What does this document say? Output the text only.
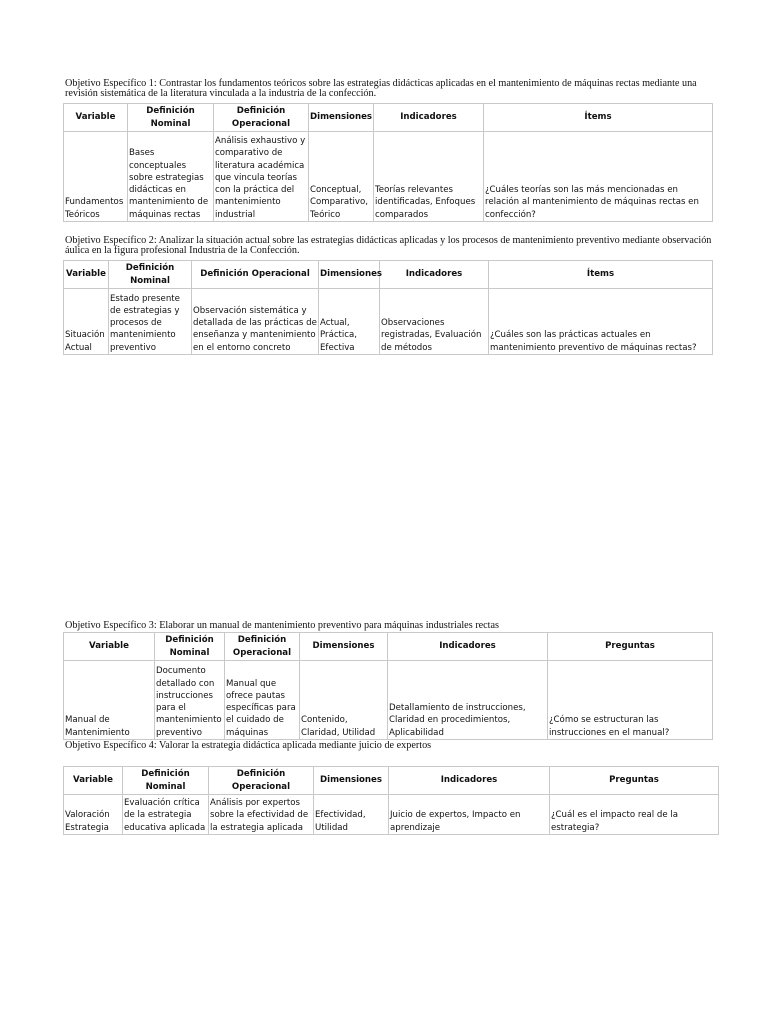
Objetivo Específico 1: Contrastar los fundamentos teóricos sobre las estrategias didácticas aplicadas en el mantenimiento de máquinas rectas mediante una revisión sistemática de la literatura vinculada a la industria de la confección.
Variable	Definición Nominal	Definición Operacional	Dimensiones	Indicadores	Ítems
Fundamentos Teóricos	Bases conceptuales sobre estrategias didácticas en mantenimiento de máquinas rectas	Análisis exhaustivo y comparativo de literatura académica que vincula teorías con la práctica del mantenimiento industrial	Conceptual, Comparativo, Teórico	Teorías relevantes identificadas, Enfoques comparados	¿Cuáles teorías son las más mencionadas en relación al mantenimiento de máquinas rectas en confección?
Objetivo Específico 2: Analizar la situación actual sobre las estrategias didácticas aplicadas y los procesos de mantenimiento preventivo mediante observación áulica en la figura profesional Industria de la Confección.
Variable	Definición Nominal	Definición Operacional	Dimensiones	Indicadores	Ítems
Situación Actual	Estado presente de estrategias y procesos de mantenimiento preventivo	Observación sistemática y detallada de las prácticas de enseñanza y mantenimiento en el entorno concreto	Actual, Práctica, Efectiva	Observaciones registradas, Evaluación de métodos	¿Cuáles son las prácticas actuales en mantenimiento preventivo de máquinas rectas?
Objetivo Específico 3: Elaborar un manual de mantenimiento preventivo para máquinas industriales rectas
Variable	Definición Nominal	Definición Operacional	Dimensiones	Indicadores	Preguntas
Manual de Mantenimiento	Documento detallado con instrucciones para el mantenimiento preventivo	Manual que ofrece pautas específicas para el cuidado de máquinas	Contenido, Claridad, Utilidad	Detallamiento de instrucciones, Claridad en procedimientos, Aplicabilidad	¿Cómo se estructuran las instrucciones en el manual?
Objetivo Específico 4: Valorar la estrategia didáctica aplicada mediante juicio de expertos
Variable	Definición Nominal	Definición Operacional	Dimensiones	Indicadores	Preguntas
Valoración Estrategia	Evaluación crítica de la estrategia educativa aplicada	Análisis por expertos sobre la efectividad de la estrategia aplicada	Efectividad, Utilidad	Juicio de expertos, Impacto en aprendizaje	¿Cuál es el impacto real de la estrategia?
